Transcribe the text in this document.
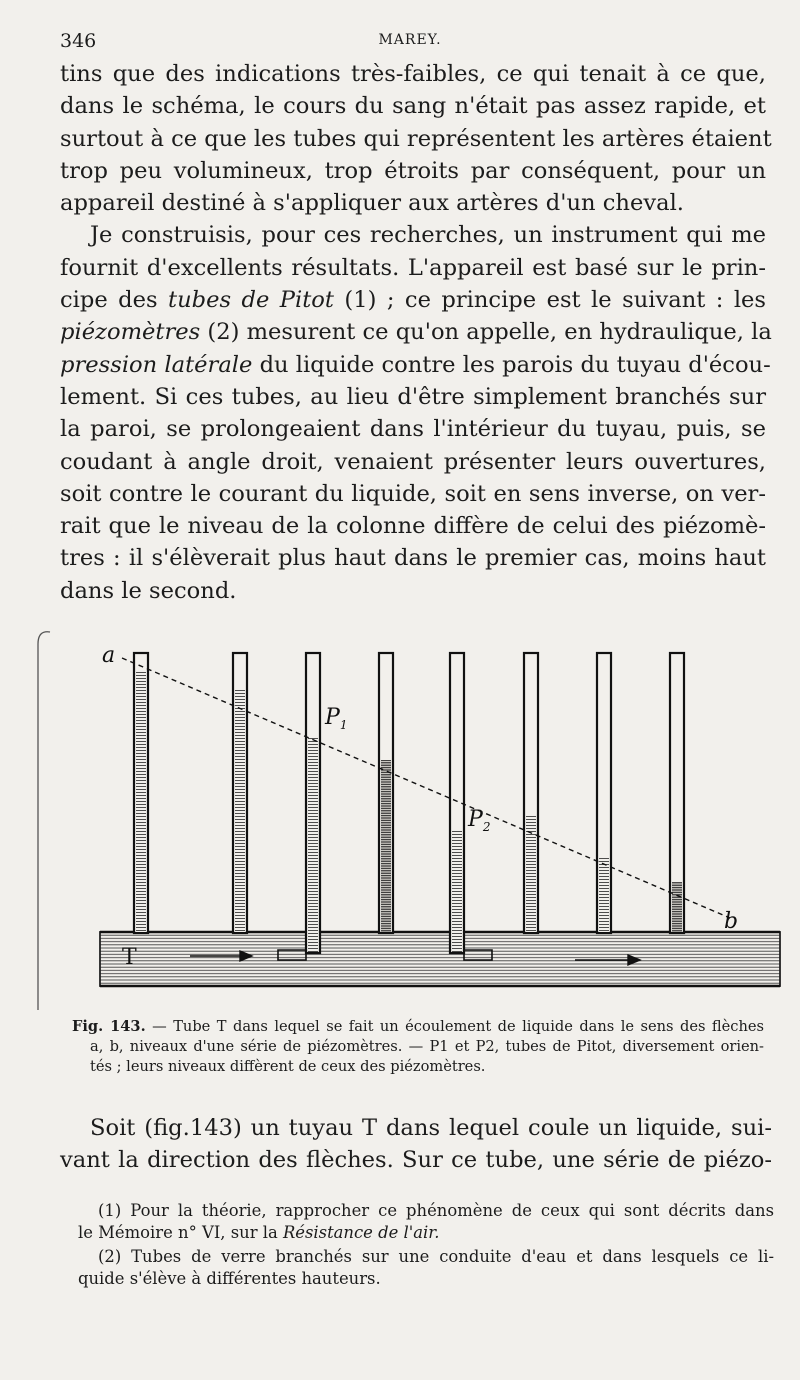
346	MAREY.

tins que des indications très-faibles, ce qui tenait à ce que,
dans le schéma, le cours du sang n'était pas assez rapide, et
surtout à ce que les tubes qui représentent les artères étaient
trop peu volumineux, trop étroits par conséquent, pour un
appareil destiné à s'appliquer aux artères d'un cheval.

Je construisis, pour ces recherches, un instrument qui me
fournit d'excellents résultats. L'appareil est basé sur le prin-
cipe des tubes de Pitot (1) ; ce principe est le suivant : les
piézomètres (2) mesurent ce qu'on appelle, en hydraulique, la
pression latérale du liquide contre les parois du tuyau d'écou-
lement. Si ces tubes, au lieu d'être simplement branchés sur
la paroi, se prolongeaient dans l'intérieur du tuyau, puis, se
coudant à angle droit, venaient présenter leurs ouvertures,
soit contre le courant du liquide, soit en sens inverse, on ver-
rait que le niveau de la colonne diffère de celui des piézomè-
tres : il s'élèverait plus haut dans le premier cas, moins haut
dans le second.

a
b
$P_1$
$P_2$
T
Fig. 143. — Tube T dans lequel se fait un écoulement de liquide dans le sens des flèches
a, b, niveaux d'une série de piézomètres. — P1 et P2, tubes de Pitot, diversement orien-
tés ; leurs niveaux diffèrent de ceux des piézomètres.

Soit (fig.143) un tuyau T dans lequel coule un liquide, sui-
vant la direction des flèches. Sur ce tube, une série de piézo-

(1) Pour la théorie, rapprocher ce phénomène de ceux qui sont décrits dans
le Mémoire n° VI, sur la Résistance de l'air.
(2) Tubes de verre branchés sur une conduite d'eau et dans lesquels ce li-
quide s'élève à différentes hauteurs.
